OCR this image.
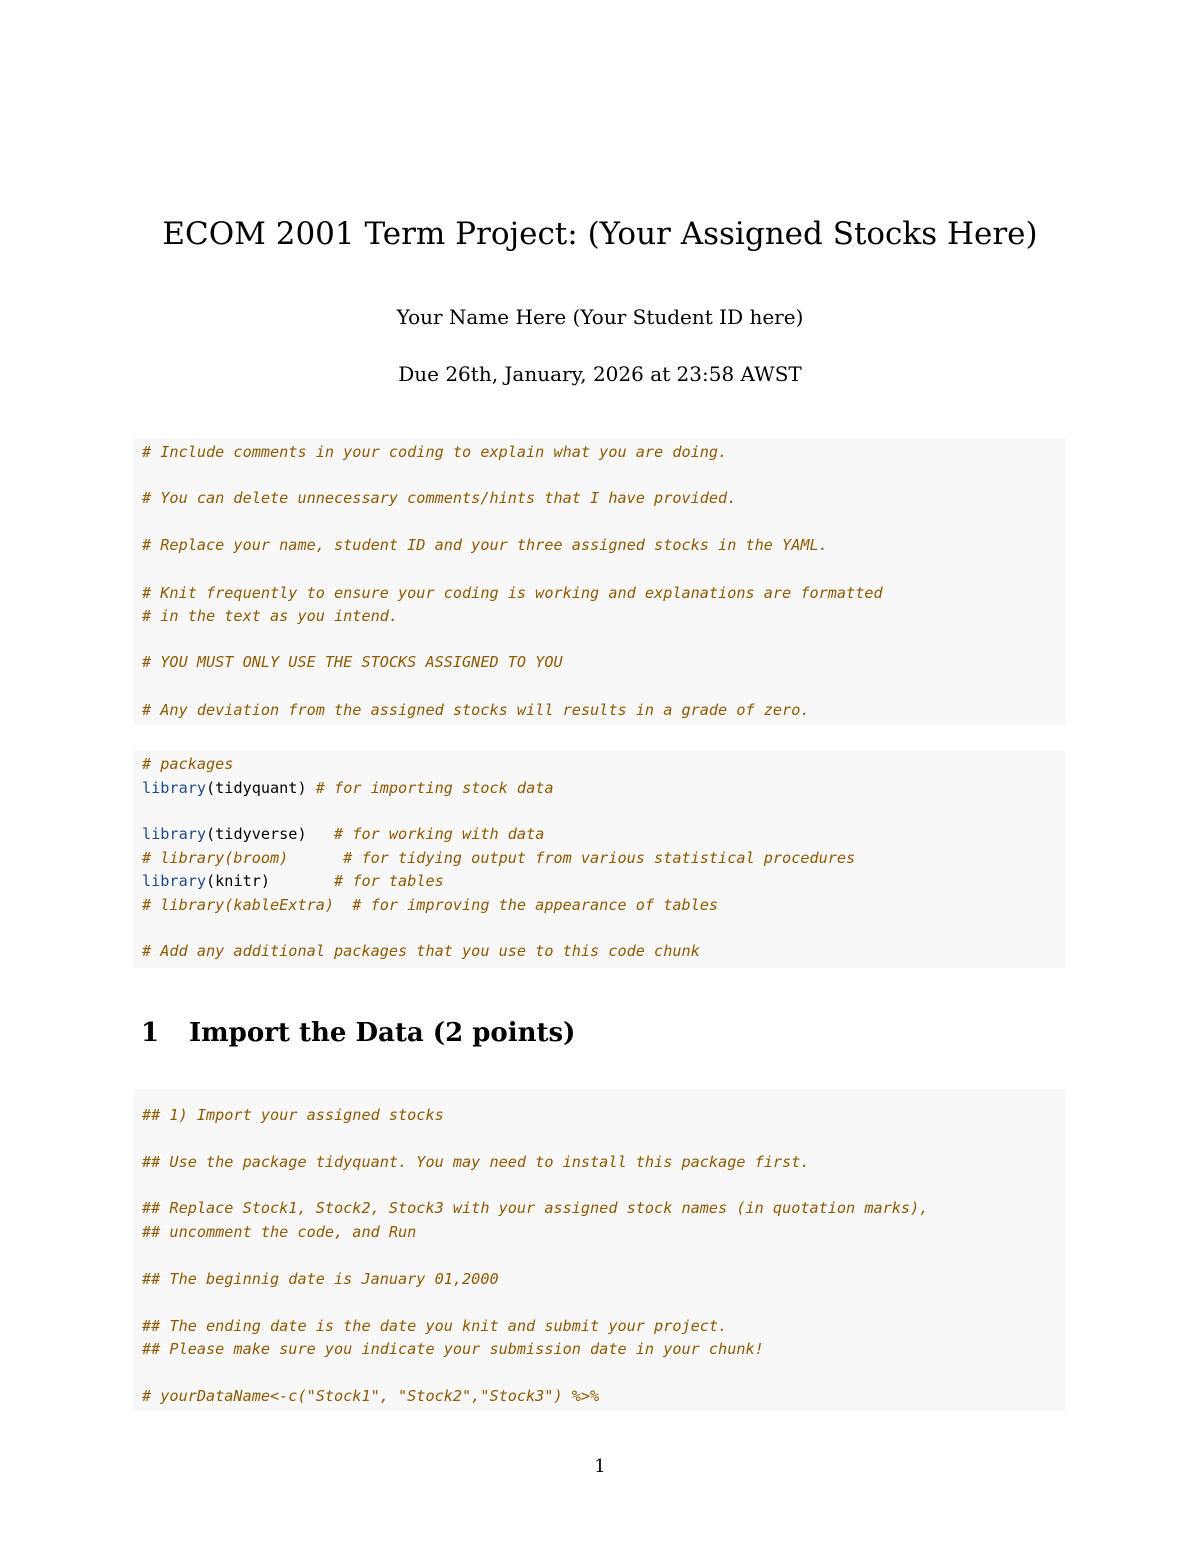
ECOM 2001 Term Project: (Your Assigned Stocks Here)
Your Name Here (Your Student ID here)
Due 26th, January, 2026 at 23:58 AWST
# Include comments in your coding to explain what you are doing.
# You can delete unnecessary comments/hints that I have provided.
# Replace your name, student ID and your three assigned stocks in the YAML.
# Knit frequently to ensure your coding is working and explanations are formatted
# in the text as you intend.
# YOU MUST ONLY USE THE STOCKS ASSIGNED TO YOU
# Any deviation from the assigned stocks will results in a grade of zero.
# packages
library(tidyquant) # for importing stock data
library(tidyverse) # for working with data
# library(broom)      # for tidying output from various statistical procedures
library(knitr)	# for tables
# library(kableExtra)  # for improving the appearance of tables
# Add any additional packages that you use to this code chunk
1 Import the Data (2 points)
## 1) Import your assigned stocks
## Use the package tidyquant. You may need to install this package first.
## Replace Stock1, Stock2, Stock3 with your assigned stock names (in quotation marks),
## uncomment the code, and Run
## The beginnig date is January 01,2000
## The ending date is the date you knit and submit your project.
## Please make sure you indicate your submission date in your chunk!
# yourDataName<-c("Stock1", "Stock2","Stock3") %>%
1
